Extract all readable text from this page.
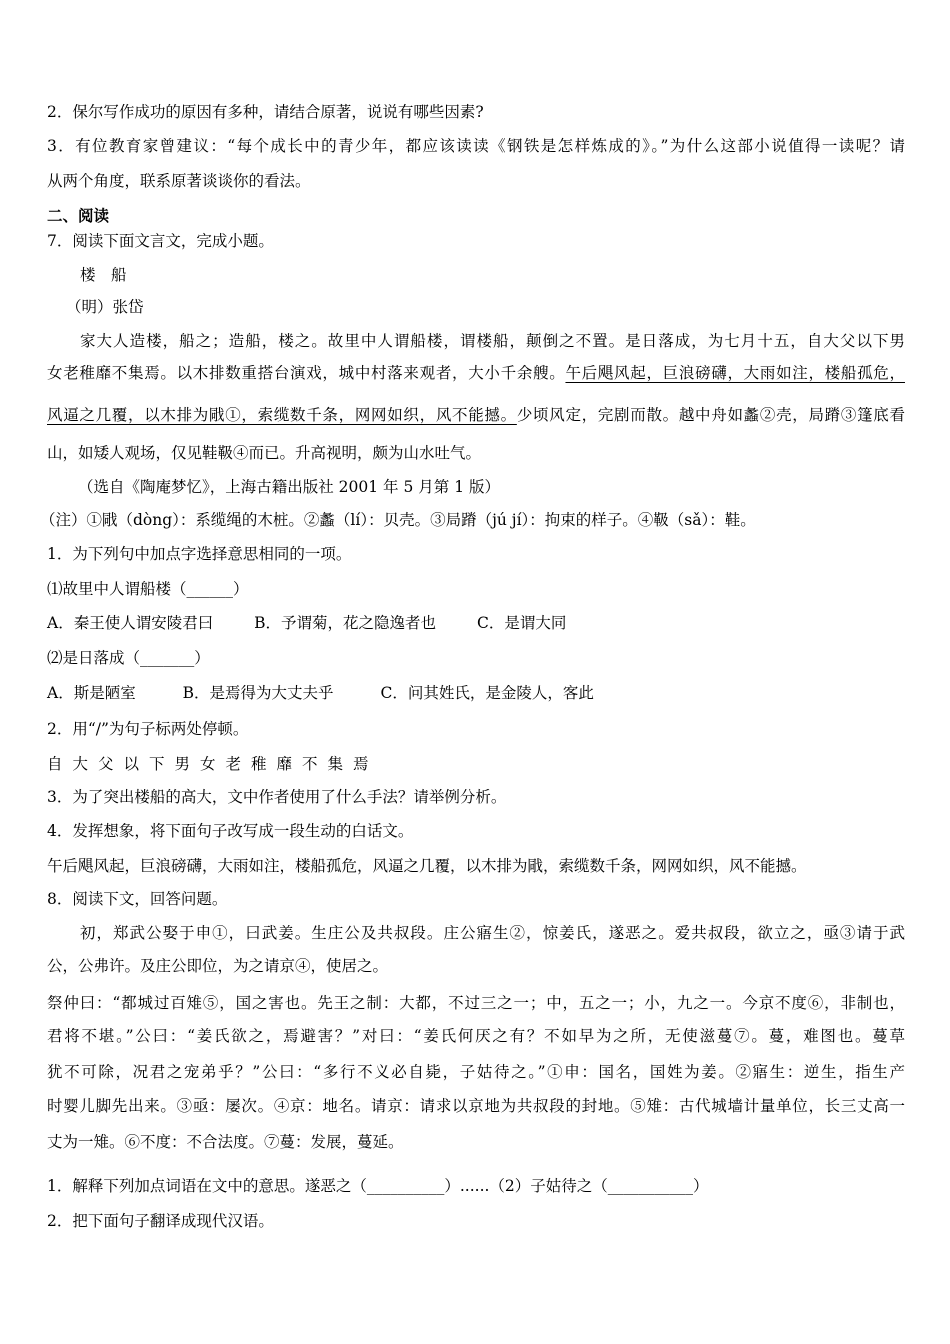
2．保尔写作成功的原因有多种，请结合原著，说说有哪些因素?
3．有位教育家曾建议：“每个成长中的青少年，都应该读读《钢铁是怎样炼成的》。”为什么这部小说值得一读呢？请
从两个角度，联系原著谈谈你的看法。
二、阅读
7．阅读下面文言文，完成小题。
楼　船
（明）张岱
家大人造楼，船之；造船，楼之。故里中人谓船楼，谓楼船，颠倒之不置。是日落成，为七月十五，自大父以下男
女老稚靡不集焉。以木排数重搭台演戏，城中村落来观者，大小千余艘。午后飓风起，巨浪磅礴，大雨如注，楼船孤危，
风逼之几覆，以木排为戙①，索缆数千条，网网如织，风不能撼。少顷风定，完剧而散。越中舟如蠡②壳，局蹐③篷底看
山，如矮人观场，仅见鞋靸④而已。升高视明，颇为山水吐气。
（选自《陶庵梦忆》，上海古籍出版社 2001 年 5 月第 1 版）
（注）①戙（dòng）：系缆绳的木桩。②蠡（lí）：贝壳。③局蹐（jú jí）：拘束的样子。④靸（sǎ）：鞋。
1．为下列句中加点字选择意思相同的一项。
⑴故里中人谓船楼（______）
A．秦王使人谓安陵君曰	B．予谓菊，花之隐逸者也	C．是谓大同
⑵是日落成（_______）
A．斯是陋室	B．是焉得为大丈夫乎	C．问其姓氏，是金陵人，客此
2．用“/”为句子标两处停顿。
自大父以下男女老稚靡不集焉
3．为了突出楼船的高大，文中作者使用了什么手法？请举例分析。
4．发挥想象，将下面句子改写成一段生动的白话文。
午后飓风起，巨浪磅礴，大雨如注，楼船孤危，风逼之几覆，以木排为戙，索缆数千条，网网如织，风不能撼。
8．阅读下文，回答问题。
初，郑武公娶于申①，曰武姜。生庄公及共叔段。庄公寤生②，惊姜氏，遂恶之。爱共叔段，欲立之，亟③请于武
公，公弗许。及庄公即位，为之请京④，使居之。
祭仲曰：“都城过百雉⑤，国之害也。先王之制：大都，不过三之一；中，五之一；小，九之一。今京不度⑥，非制也，
君将不堪。”公曰：“姜氏欲之，焉避害？”对曰：“姜氏何厌之有？不如早为之所，无使滋蔓⑦。蔓，难图也。蔓草
犹不可除，况君之宠弟乎？”公曰：“多行不义必自毙，子姑待之。”①申：国名，国姓为姜。②寤生：逆生，指生产
时婴儿脚先出来。③亟：屡次。④京：地名。请京：请求以京地为共叔段的封地。⑤雉：古代城墙计量单位，长三丈高一
丈为一雉。⑥不度：不合法度。⑦蔓：发展，蔓延。
1．解释下列加点词语在文中的意思。遂恶之（__________）......（2）子姑待之（___________）
2．把下面句子翻译成现代汉语。
